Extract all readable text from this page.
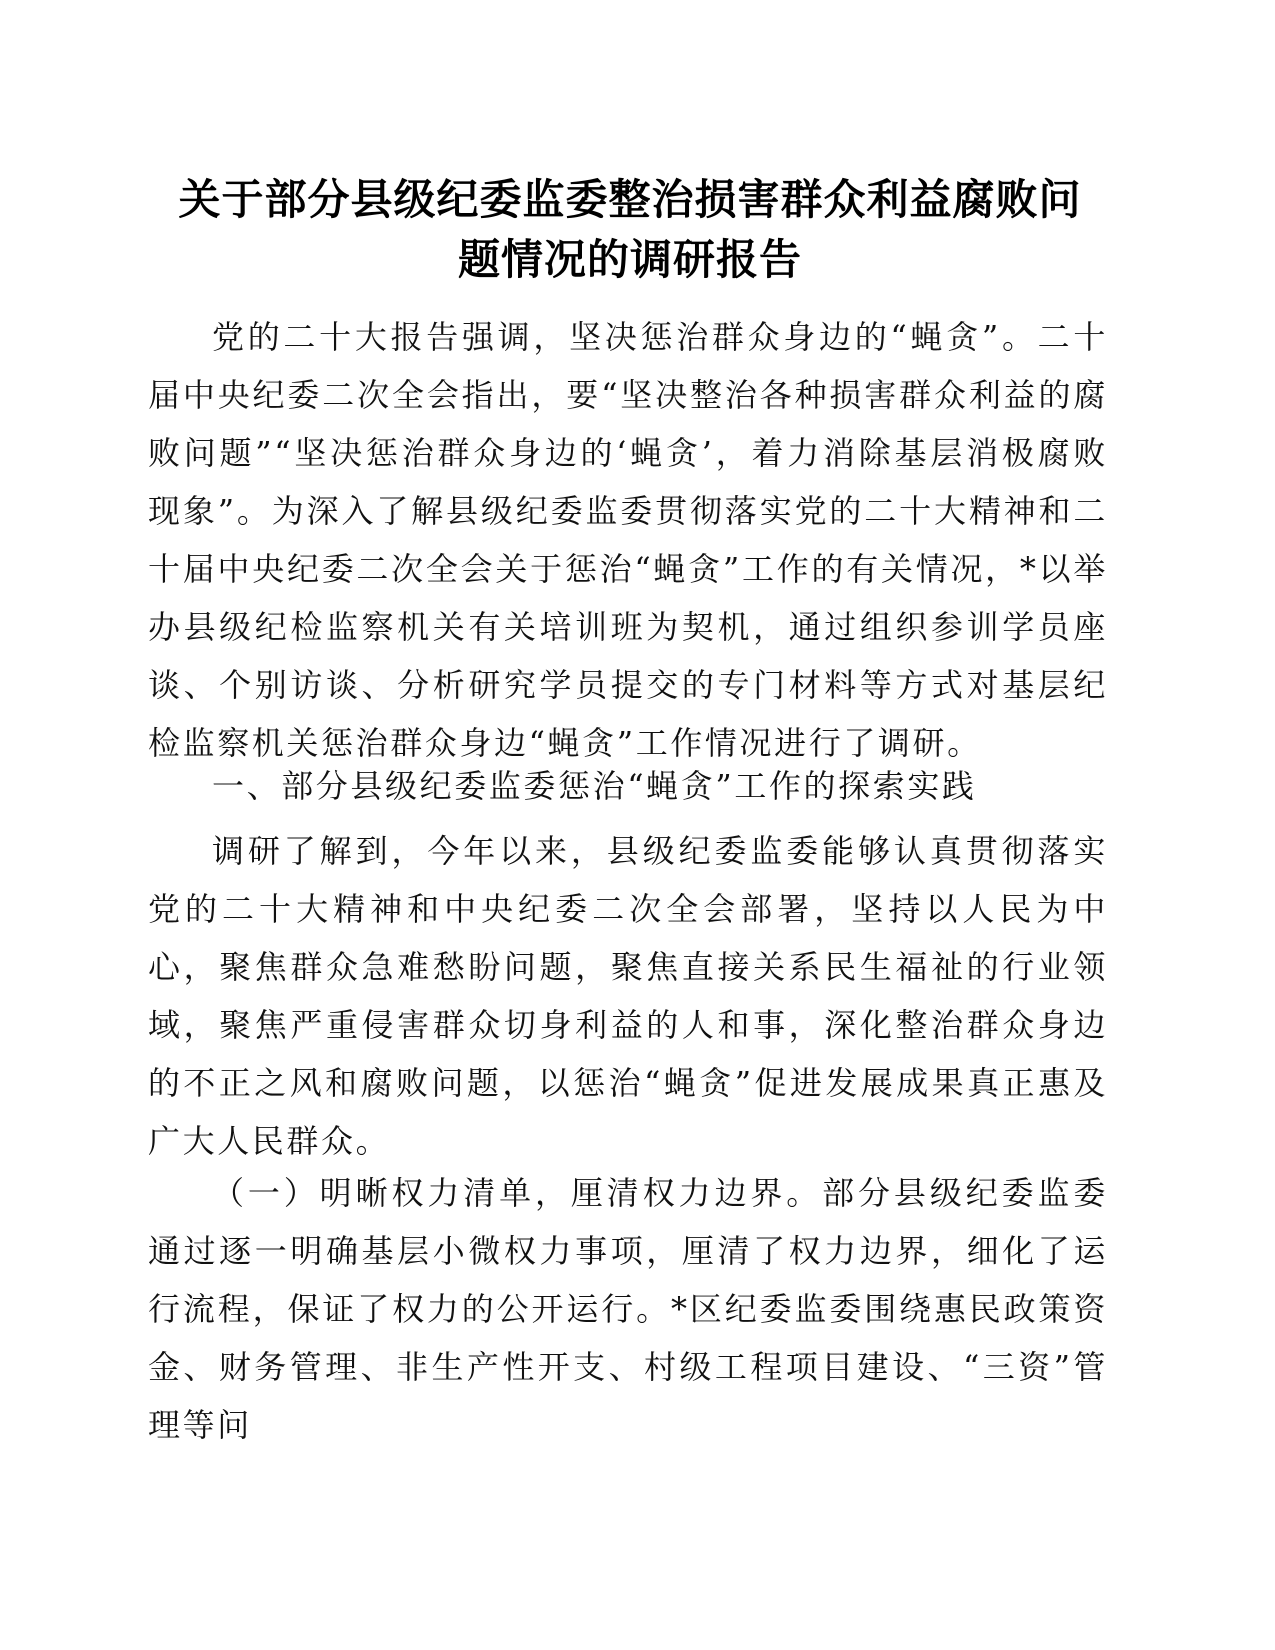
关于部分县级纪委监委整治损害群众利益腐败问
题情况的调研报告

党的二十大报告强调，坚决惩治群众身边的“蝇贪”。二十届中央纪委二次全会指出，要“坚决整治各种损害群众利益的腐败问题”“坚决惩治群众身边的‘蝇贪’，着力消除基层消极腐败现象”。为深入了解县级纪委监委贯彻落实党的二十大精神和二十届中央纪委二次全会关于惩治“蝇贪”工作的有关情况，*以举办县级纪检监察机关有关培训班为契机，通过组织参训学员座谈、个别访谈、分析研究学员提交的专门材料等方式对基层纪检监察机关惩治群众身边“蝇贪”工作情况进行了调研。

一、部分县级纪委监委惩治“蝇贪”工作的探索实践

调研了解到，今年以来，县级纪委监委能够认真贯彻落实党的二十大精神和中央纪委二次全会部署，坚持以人民为中心，聚焦群众急难愁盼问题，聚焦直接关系民生福祉的行业领域，聚焦严重侵害群众切身利益的人和事，深化整治群众身边的不正之风和腐败问题，以惩治“蝇贪”促进发展成果真正惠及广大人民群众。

（一）明晰权力清单，厘清权力边界。部分县级纪委监委通过逐一明确基层小微权力事项，厘清了权力边界，细化了运行流程，保证了权力的公开运行。*区纪委监委围绕惠民政策资金、财务管理、非生产性开支、村级工程项目建设、“三资”管理等问
